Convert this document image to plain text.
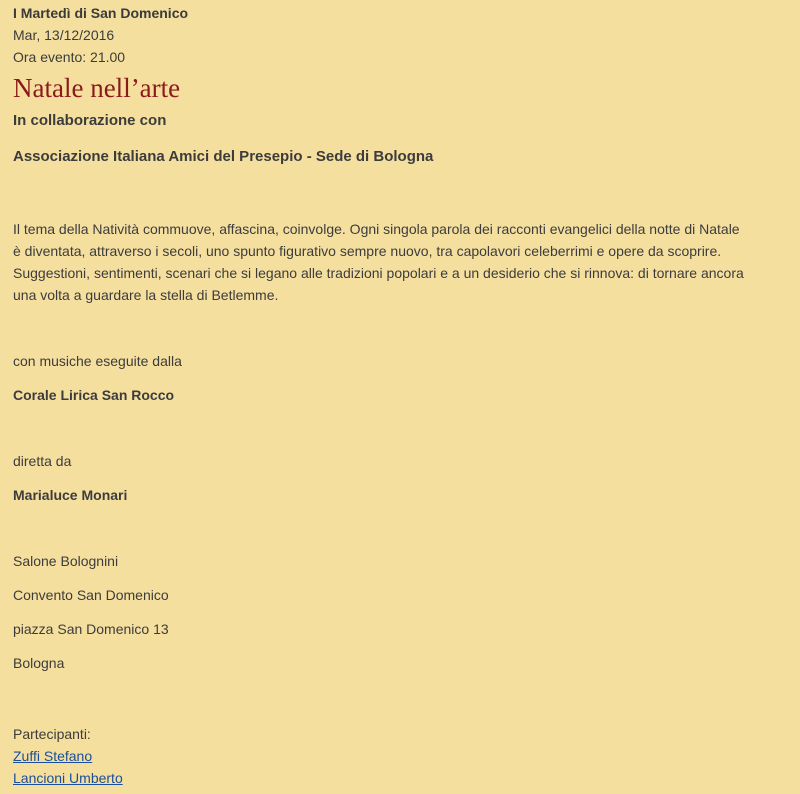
I Martedì di San Domenico
Mar, 13/12/2016
Ora evento: 21.00
Natale nell’arte
In collaborazione con
Associazione Italiana Amici del Presepio - Sede di Bologna
Il tema della Natività commuove, affascina, coinvolge. Ogni singola parola dei racconti evangelici della notte di Natale
è diventata, attraverso i secoli, uno spunto figurativo sempre nuovo, tra capolavori celeberrimi e opere da scoprire.
Suggestioni, sentimenti, scenari che si legano alle tradizioni popolari e a un desiderio che si rinnova: di tornare ancora
una volta a guardare la stella di Betlemme.
con musiche eseguite dalla
Corale Lirica San Rocco
diretta da
Marialuce Monari
Salone Bolognini
Convento San Domenico
piazza San Domenico 13
Bologna
Partecipanti:
Zuffi Stefano
Lancioni Umberto
